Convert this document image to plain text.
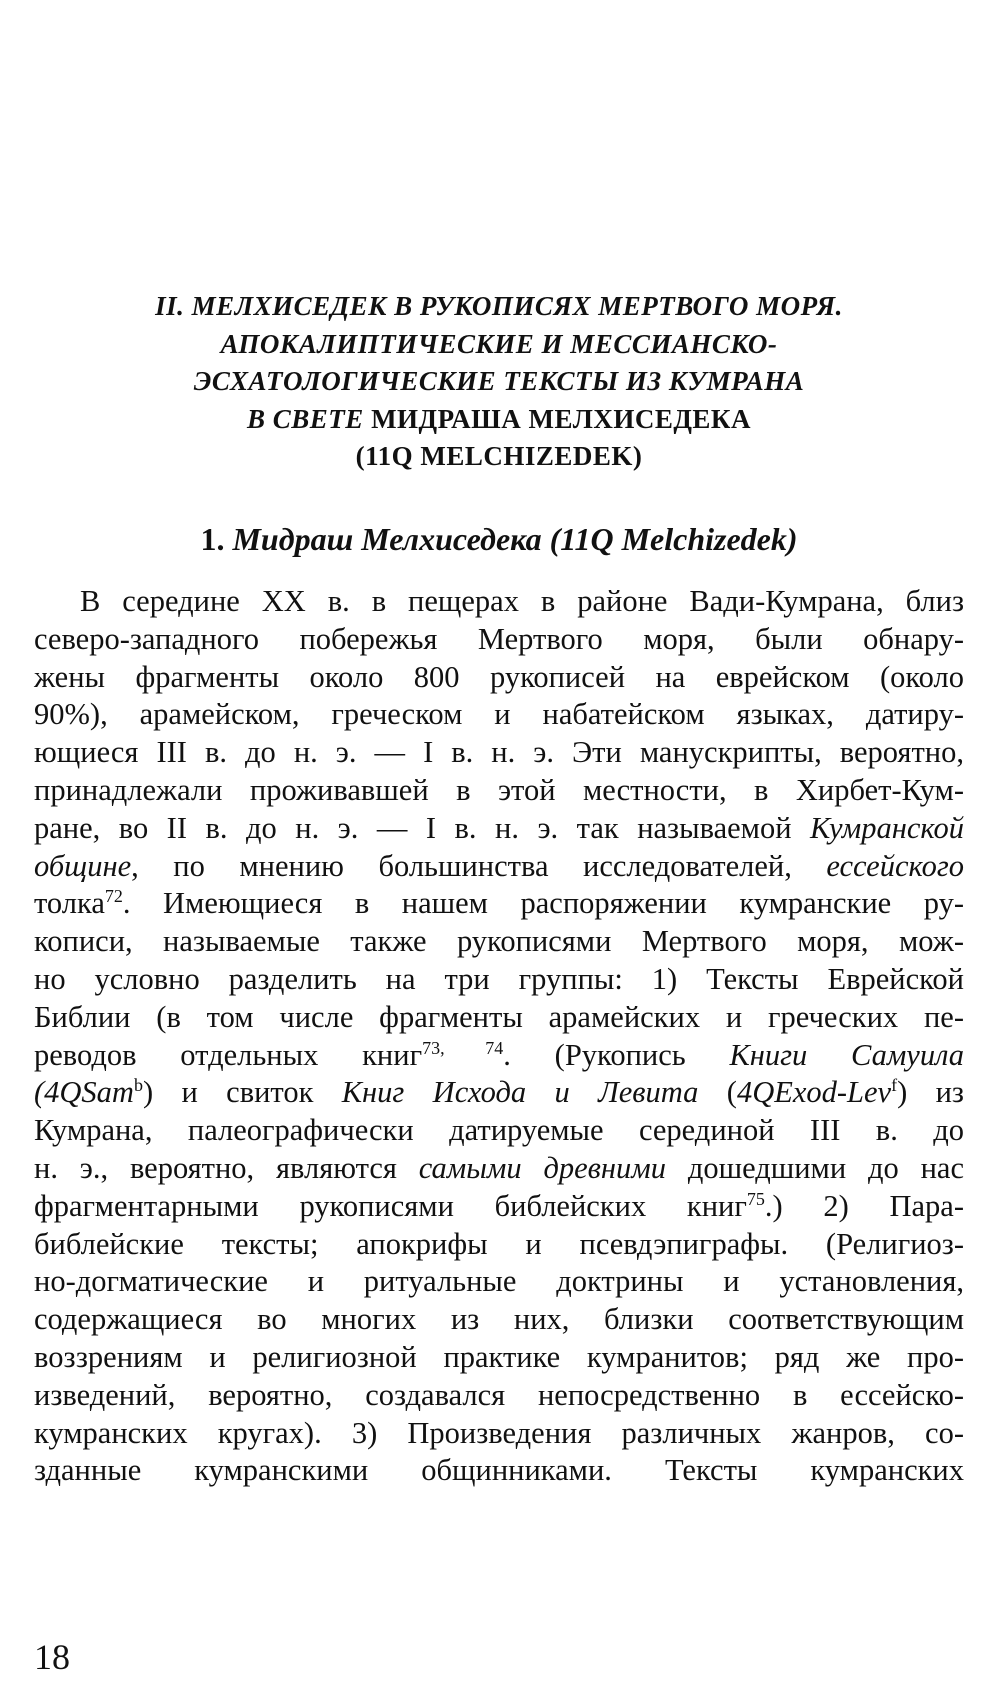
II. МЕЛХИСЕДЕК В РУКОПИСЯХ МЕРТВОГО МОРЯ.
АПОКАЛИПТИЧЕСКИЕ И МЕССИАНСКО-
ЭСХАТОЛОГИЧЕСКИЕ ТЕКСТЫ ИЗ КУМРАНА
В СВЕТЕ МИДРАША МЕЛХИСЕДЕКА
(11Q MELCHIZEDEK)
1. Мидраш Мелхиседека (11Q Melchizedek)
В середине XX в. в пещерах в районе Вади-Кумрана, близ
северо-западного побережья Мертвого моря, были обнару-
жены фрагменты около 800 рукописей на еврейском (около
90%), арамейском, греческом и набатейском языках, датиру-
ющиеся III в. до н. э. — I в. н. э. Эти манускрипты, вероятно,
принадлежали проживавшей в этой местности, в Хирбет-Кум-
ране, во II в. до н. э. — I в. н. э. так называемой Кумранской
общине, по мнению большинства исследователей, ессейского
толка$^{72}$. Имеющиеся в нашем распоряжении кумранские ру-
кописи, называемые также рукописями Мертвого моря, мож-
но условно разделить на три группы: 1) Тексты Еврейской
Библии (в том числе фрагменты арамейских и греческих пе-
реводов отдельных книг$^{73, 74}$. (Рукопись Книги Самуила
(4QSam$^b$) и свиток Книг Исхода и Левита (4QExod-Lev$^f$) из
Кумрана, палеографически датируемые серединой III в. до
н. э., вероятно, являются самыми древними дошедшими до нас
фрагментарными рукописями библейских книг$^{75}$.) 2) Пара-
библейские тексты; апокрифы и псевдэпиграфы. (Религиоз-
но-догматические и ритуальные доктрины и установления,
содержащиеся во многих из них, близки соответствующим
воззрениям и религиозной практике кумранитов; ряд же про-
изведений, вероятно, создавался непосредственно в ессейско-
кумранских кругах). 3) Произведения различных жанров, со-
зданные кумранскими общинниками. Тексты кумранских

18
